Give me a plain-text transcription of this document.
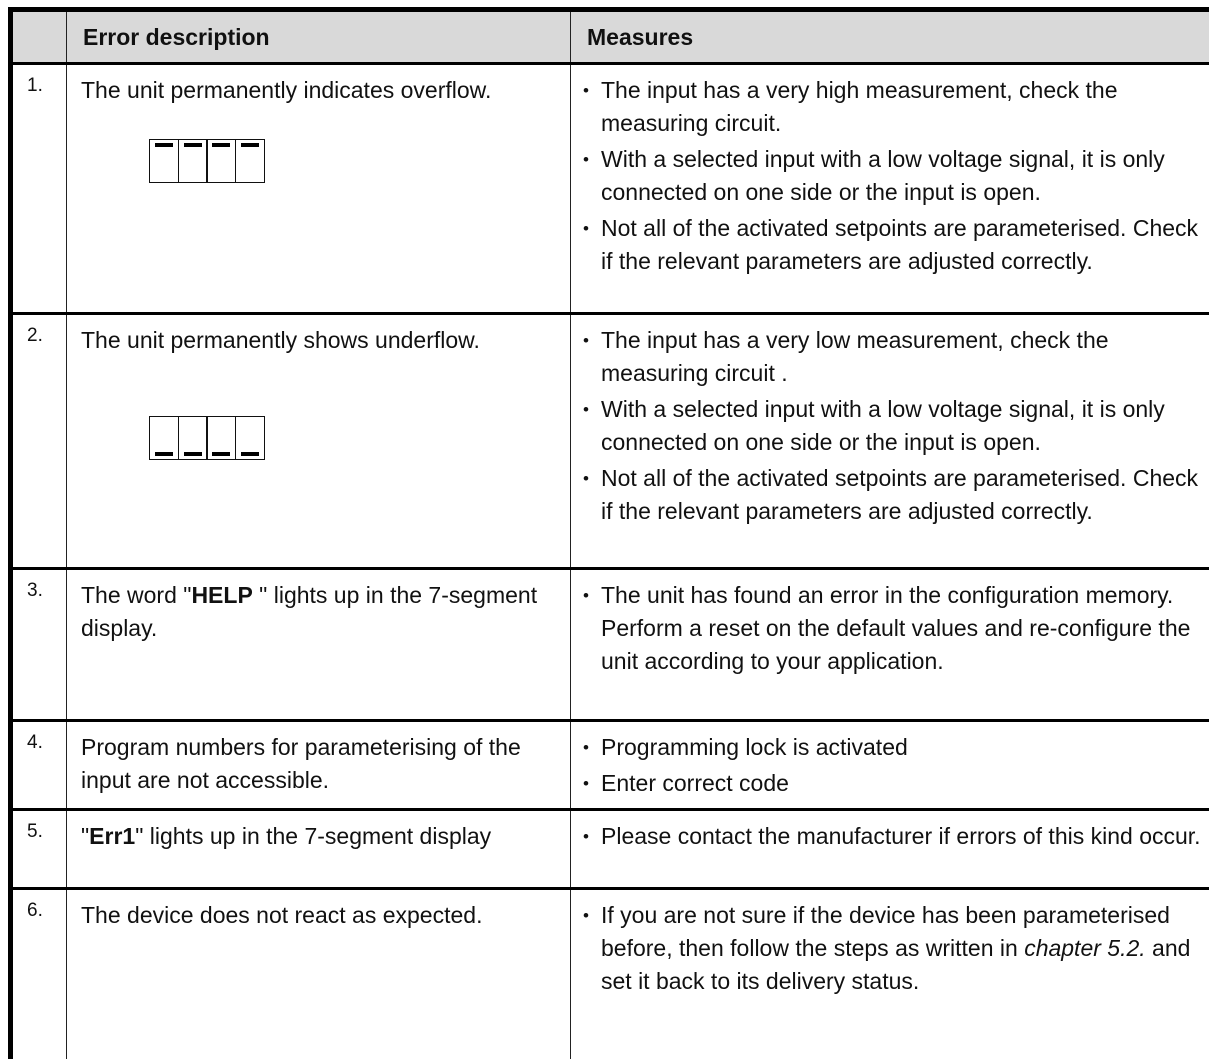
	Error description	Measures
1.	The unit permanently indicates overflow.	• The input has a very high measurement, check the measuring circuit.
• With a selected input with a low voltage signal, it is only connected on one side or the input is open.
• Not all of the activated setpoints are parameterised. Check if the relevant parameters are adjusted correctly.

2.	The unit permanently shows underflow.	• The input has a very low measurement, check the measuring circuit .
• With a selected input with a low voltage signal, it is only connected on one side or the input is open.
• Not all of the activated setpoints are parameterised. Check if the relevant parameters are adjusted correctly.

3.	The word "HELP " lights up in the 7-segment display.	• The unit has found an error in the configuration memory. Perform a reset on the default values and re-configure the unit according to your application.

4.	Program numbers for parameterising of the input are not accessible.	• Programming lock is activated
• Enter correct code

5.	"Err1" lights up in the 7-segment display	• Please contact the manufacturer if errors of this kind occur.

6.	The device does not react as expected.	• If you are not sure if the device has been parameterised before, then follow the steps as written in chapter 5.2. and set it back to its delivery status.
